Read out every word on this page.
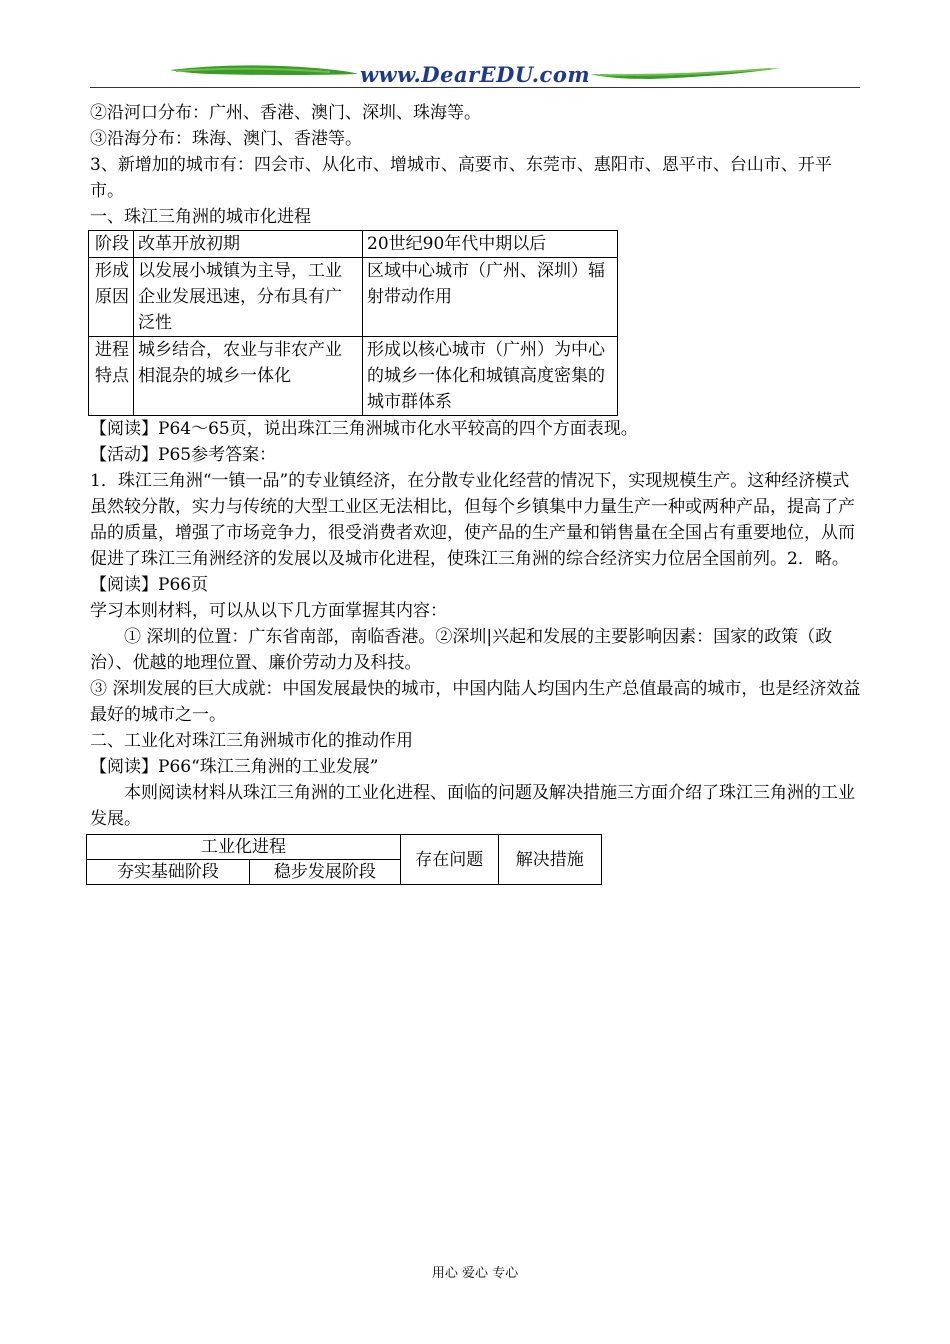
www.DearEDU.com

②沿河口分布：广州、香港、澳门、深圳、珠海等。

③沿海分布：珠海、澳门、香港等。

3、新增加的城市有：四会市、从化市、增城市、高要市、东莞市、惠阳市、恩平市、台山市、开平市。

一、珠江三角洲的城市化进程

阶段	改革开放初期	20世纪90年代中期以后
形成原因	以发展小城镇为主导，工业企业发展迅速，分布具有广泛性	区域中心城市（广州、深圳）辐射带动作用
进程特点	城乡结合，农业与非农产业相混杂的城乡一体化	形成以核心城市（广州）为中心的城乡一体化和城镇高度密集的城市群体系

【阅读】P64～65页，说出珠江三角洲城市化水平较高的四个方面表现。

【活动】P65参考答案：

1．珠江三角洲“一镇一品”的专业镇经济，在分散专业化经营的情况下，实现规模生产。这种经济模式虽然较分散，实力与传统的大型工业区无法相比，但每个乡镇集中力量生产一种或两种产品，提高了产品的质量，增强了市场竞争力，很受消费者欢迎，使产品的生产量和销售量在全国占有重要地位，从而促进了珠江三角洲经济的发展以及城市化进程，使珠江三角洲的综合经济实力位居全国前列。2．略。

【阅读】P66页

学习本则材料，可以从以下几方面掌握其内容：

① 深圳的位置：广东省南部，南临香港。②深圳|兴起和发展的主要影响因素：国家的政策（政治）、优越的地理位置、廉价劳动力及科技。

③ 深圳发展的巨大成就：中国发展最快的城市，中国内陆人均国内生产总值最高的城市，也是经济效益最好的城市之一。

二、工业化对珠江三角洲城市化的推动作用

【阅读】P66“珠江三角洲的工业发展”

本则阅读材料从珠江三角洲的工业化进程、面临的问题及解决措施三方面介绍了珠江三角洲的工业发展。

工业化进程		存在问题	解决措施
夯实基础阶段	稳步发展阶段		
用心 爱心 专心
